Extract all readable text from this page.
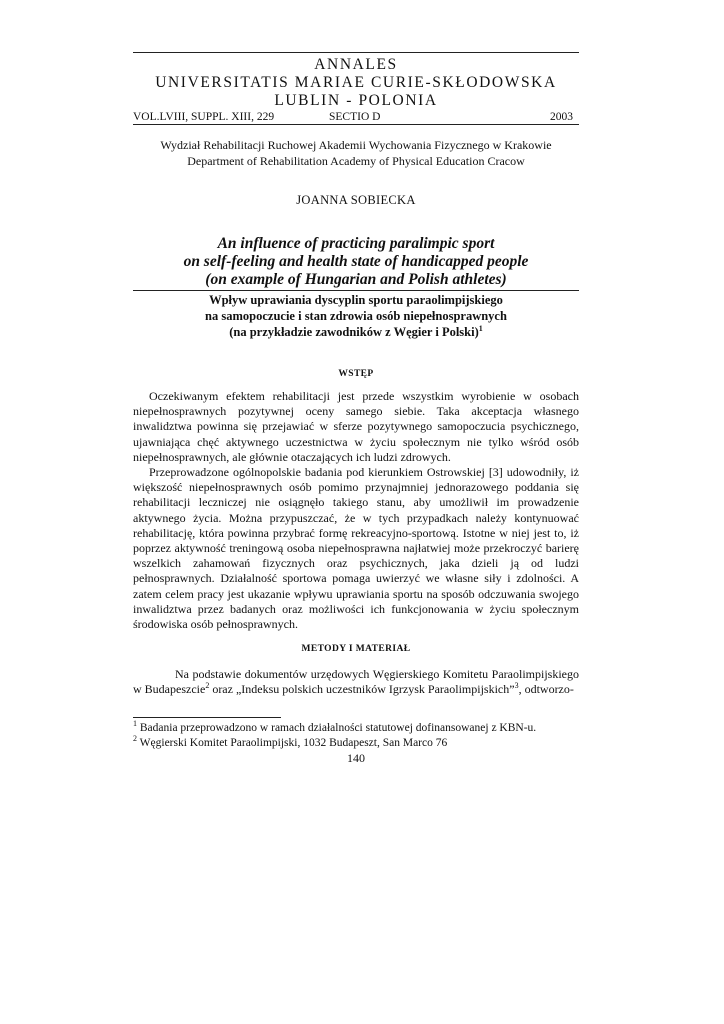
ANNALES
UNIVERSITATIS MARIAE CURIE-SKŁODOWSKA
LUBLIN - POLONIA
VOL.LVIII, SUPPL. XIII, 229	SECTIO D	2003
Wydział Rehabilitacji Ruchowej Akademii Wychowania Fizycznego w Krakowie
Department of Rehabilitation Academy of Physical Education Cracow
JOANNA SOBIECKA
An influence of practicing paralimpic sport
on self-feeling and health state of handicapped people
(on example of Hungarian and Polish athletes)
Wpływ uprawiania dyscyplin sportu paraolimpijskiego
na samopoczucie i stan zdrowia osób niepełnosprawnych
(na przykładzie zawodników z Węgier i Polski)$^1$
WSTĘP

Oczekiwanym efektem rehabilitacji jest przede wszystkim wyrobienie w osobach niepełnosprawnych pozytywnej oceny samego siebie. Taka akceptacja własnego inwalidztwa powinna się przejawiać w sferze pozytywnego samopoczucia psychicznego, ujawniająca chęć aktywnego uczestnictwa w życiu społecznym nie tylko wśród osób niepełnosprawnych, ale głównie otaczających ich ludzi zdrowych.

Przeprowadzone ogólnopolskie badania pod kierunkiem Ostrowskiej [3] udowodniły, iż większość niepełnosprawnych osób pomimo przynajmniej jednorazowego poddania się rehabilitacji leczniczej nie osiągnęło takiego stanu, aby umożliwił im prowadzenie aktywnego życia. Można przypuszczać, że w tych przypadkach należy kontynuować rehabilitację, która powinna przybrać formę rekreacyjno-sportową. Istotne w niej jest to, iż poprzez aktywność treningową osoba niepełnosprawna najłatwiej może przekroczyć barierę wszelkich zahamowań fizycznych oraz psychicznych, jaka dzieli ją od ludzi pełnosprawnych. Działalność sportowa pomaga uwierzyć we własne siły i zdolności. A zatem celem pracy jest ukazanie wpływu uprawiania sportu na sposób odczuwania swojego inwalidztwa przez badanych oraz możliwości ich funkcjonowania w życiu społecznym środowiska osób pełnosprawnych.

METODY I MATERIAŁ

Na podstawie dokumentów urzędowych Węgierskiego Komitetu Paraolimpijskiego w Budapeszcie$^2$ oraz „Indeksu polskich uczestników Igrzysk Paraolimpijskich”$^3$, odtworzo-

$^1$ Badania przeprowadzono w ramach działalności statutowej dofinansowanej z KBN-u.
$^2$ Węgierski Komitet Paraolimpijski, 1032 Budapeszt, San Marco 76
140
